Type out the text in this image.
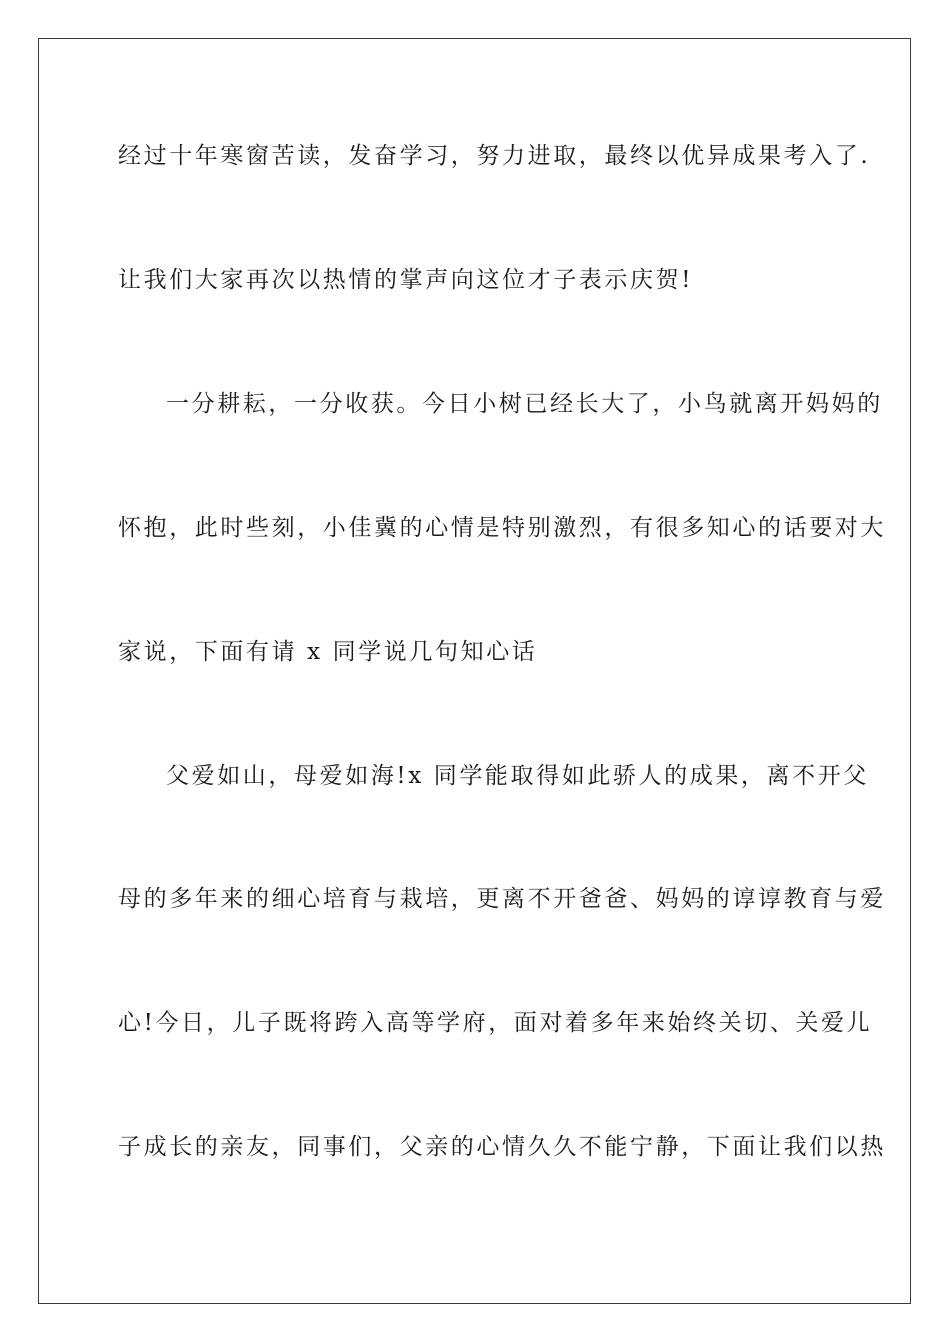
经过十年寒窗苦读，发奋学习，努力进取，最终以优异成果考入了.
让我们大家再次以热情的掌声向这位才子表示庆贺!
一分耕耘，一分收获。今日小树已经长大了，小鸟就离开妈妈的
怀抱，此时些刻，小佳冀的心情是特别激烈，有很多知心的话要对大
家说，下面有请 x 同学说几句知心话
父爱如山，母爱如海!x 同学能取得如此骄人的成果，离不开父
母的多年来的细心培育与栽培，更离不开爸爸、妈妈的谆谆教育与爱
心!今日，儿子既将跨入高等学府，面对着多年来始终关切、关爱儿
子成长的亲友，同事们，父亲的心情久久不能宁静，下面让我们以热
